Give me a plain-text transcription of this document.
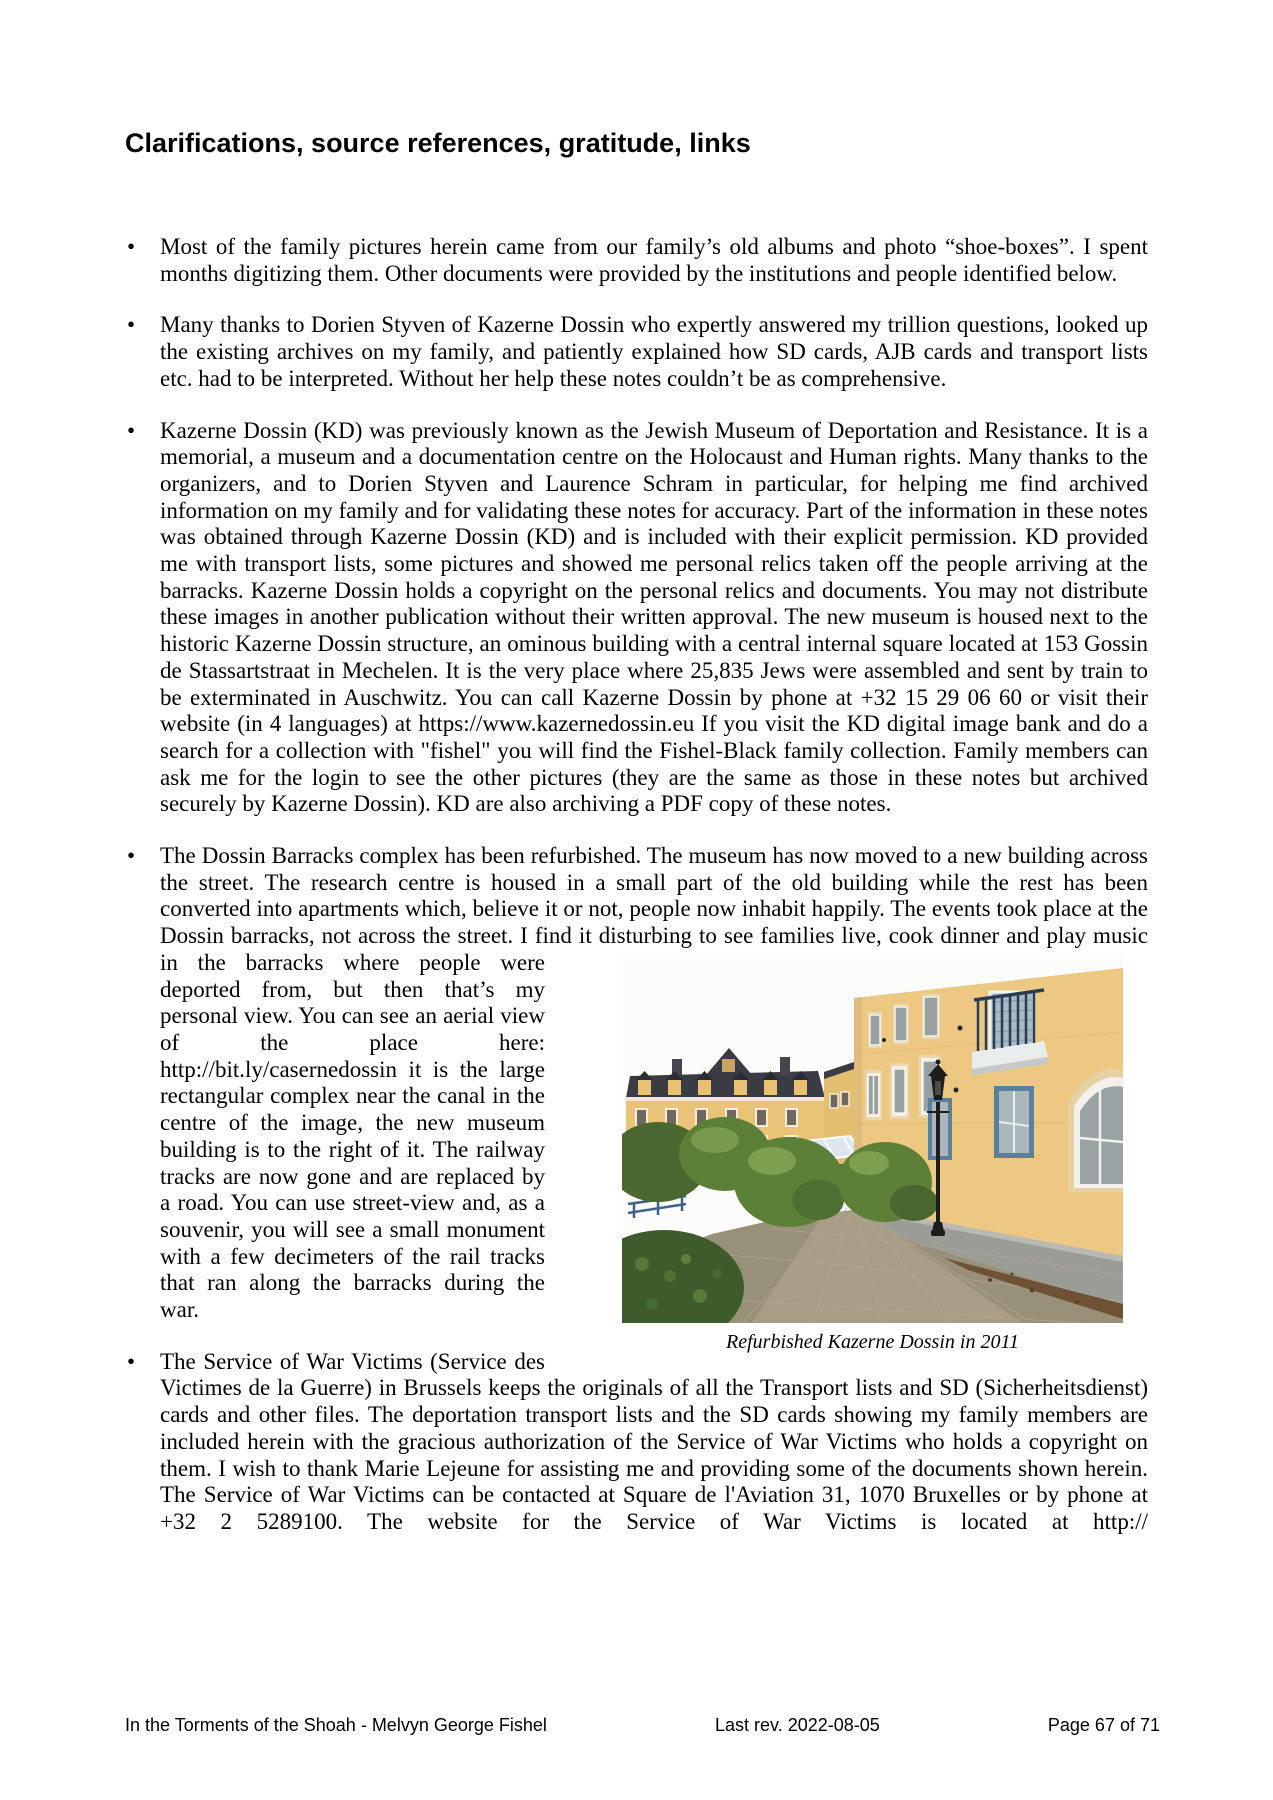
Clarifications, source references, gratitude, links
• Most of the family pictures herein came from our family’s old albums and photo “shoe-boxes”. I spent months digitizing them. Other documents were provided by the institutions and people identified below.
• Many thanks to Dorien Styven of Kazerne Dossin who expertly answered my trillion questions, looked up the existing archives on my family, and patiently explained how SD cards, AJB cards and transport lists etc. had to be interpreted. Without her help these notes couldn’t be as comprehensive.
• Kazerne Dossin (KD) was previously known as the Jewish Museum of Deportation and Resistance. It is a memorial, a museum and a documentation centre on the Holocaust and Human rights. Many thanks to the organizers, and to Dorien Styven and Laurence Schram in particular, for helping me find archived information on my family and for validating these notes for accuracy. Part of the information in these notes was obtained through Kazerne Dossin (KD) and is included with their explicit permission. KD provided me with transport lists, some pictures and showed me personal relics taken off the people arriving at the barracks. Kazerne Dossin holds a copyright on the personal relics and documents. You may not distribute these images in another publication without their written approval. The new museum is housed next to the historic Kazerne Dossin structure, an ominous building with a central internal square located at 153 Gossin de Stassartstraat in Mechelen. It is the very place where 25,835 Jews were assembled and sent by train to be exterminated in Auschwitz. You can call Kazerne Dossin by phone at +32 15 29 06 60 or visit their website (in 4 languages) at https://www.kazernedossin.eu If you visit the KD digital image bank and do a search for a collection with "fishel" you will find the Fishel-Black family collection. Family members can ask me for the login to see the other pictures (they are the same as those in these notes but archived securely by Kazerne Dossin). KD are also archiving a PDF copy of these notes.
• The Dossin Barracks complex has been refurbished. The museum has now moved to a new building across the street. The research centre is housed in a small part of the old building while the rest has been converted into apartments which, believe it or not, people now inhabit happily. The events took place at the Dossin barracks, not across the street. I find it disturbing to see
Refurbished Kazerne Dossin in 2011
families live, cook dinner and play music in the barracks where people were deported from, but then that’s my personal view. You can see an aerial view of the place here: http://bit.ly/casernedossin it is the large rectangular complex near the canal in the centre of the image, the new museum building is to the right of it. The railway tracks are now gone and are replaced by a road. You can use street-view and, as a souvenir, you will see a small monument with a few decimeters of the rail tracks that ran along the barracks during the war.
• The Service of War Victims (Service des Victimes de la Guerre) in Brussels keeps the originals of all the Transport lists and SD (Sicherheitsdienst) cards and other files. The deportation transport lists and the SD cards showing my family members are included herein with the gracious authorization of the Service of War Victims who holds a copyright on them. I wish to thank Marie Lejeune for assisting me and providing some of the documents shown herein. The Service of War Victims can be contacted at Square de l'Aviation 31, 1070 Bruxelles or by phone at +32 2 5289100. The website for the Service of War Victims is located at http://
In the Torments of the Shoah - Melvyn George Fishel	Last rev. 2022-08-05	Page 67 of 71
